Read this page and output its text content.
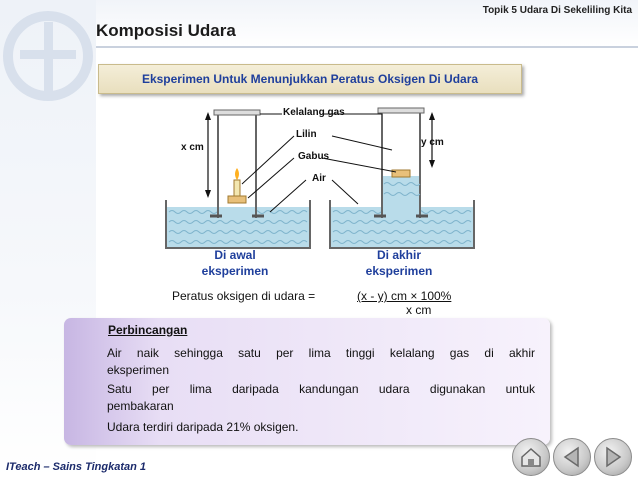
Topik 5 Udara Di Sekeliling Kita
Komposisi Udara
Eksperimen Untuk Menunjukkan Peratus Oksigen Di Udara
Kelalang gas
Lilin
Gabus
Air
x cm	y cm
Di awal
eksperimen
Di akhir
eksperimen
Peratus oksigen di udara =	(x - y) cm × 100%
x cm
Perbincangan
Air naik sehingga satu per lima tinggi kelalang gas di akhir
eksperimen
Satu per lima daripada kandungan udara digunakan untuk
pembakaran
Udara terdiri daripada 21% oksigen.
ITeach – Sains Tingkatan 1
